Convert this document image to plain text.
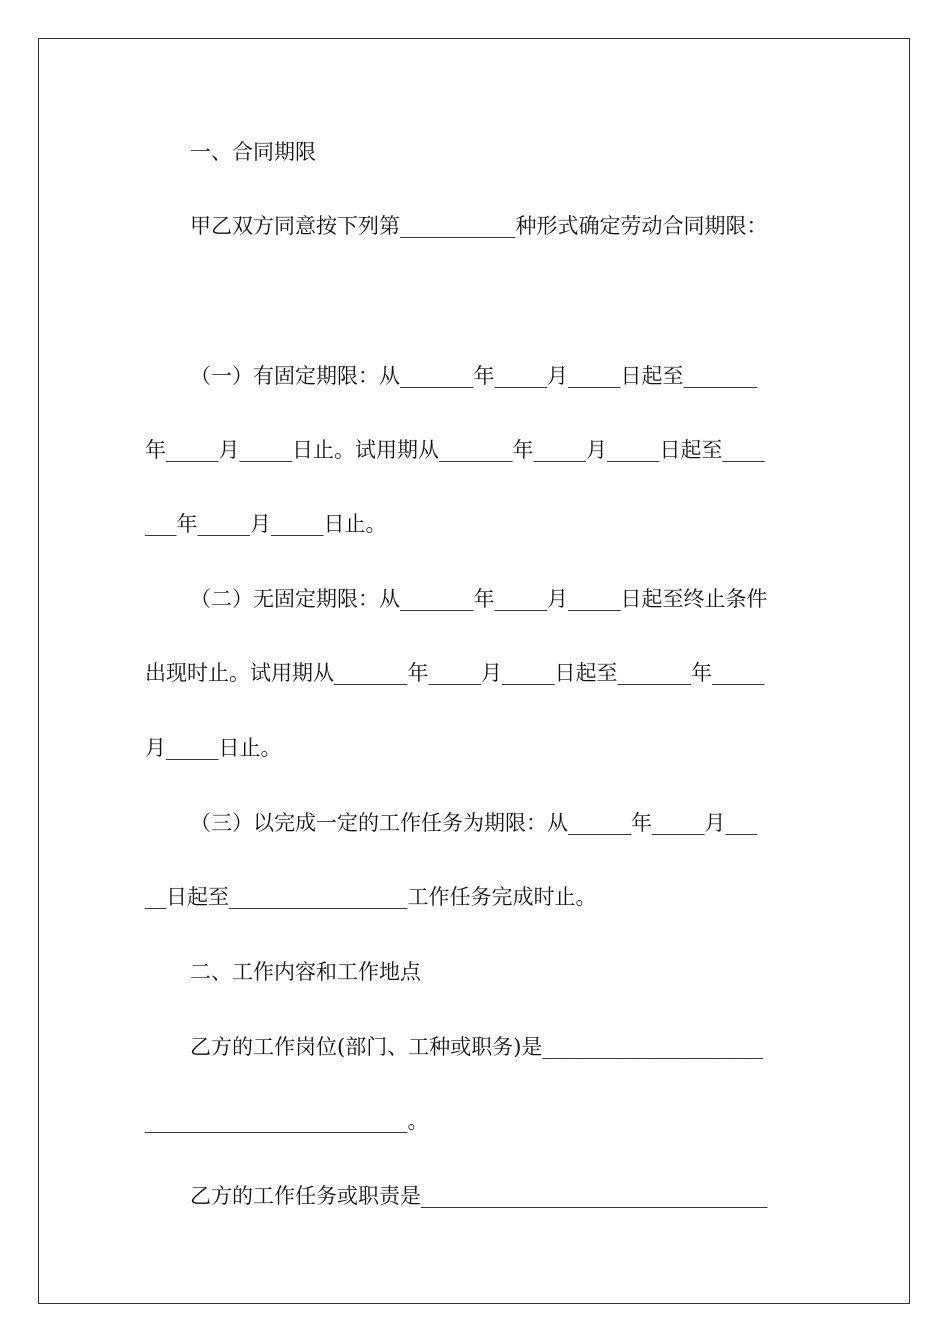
一、合同期限
甲乙双方同意按下列第___________种形式确定劳动合同期限：
（一）有固定期限：从_______年_____月_____日起至_______
年_____月_____日止。试用期从_______年_____月_____日起至____
___年_____月_____日止。
（二）无固定期限：从_______年_____月_____日起至终止条件
出现时止。试用期从_______年_____月_____日起至_______年_____
月_____日止。
（三）以完成一定的工作任务为期限：从______年_____月___
__日起至_________________工作任务完成时止。
二、工作内容和工作地点
乙方的工作岗位(部门、工种或职务)是_____________________
_________________________。
乙方的工作任务或职责是_________________________________
